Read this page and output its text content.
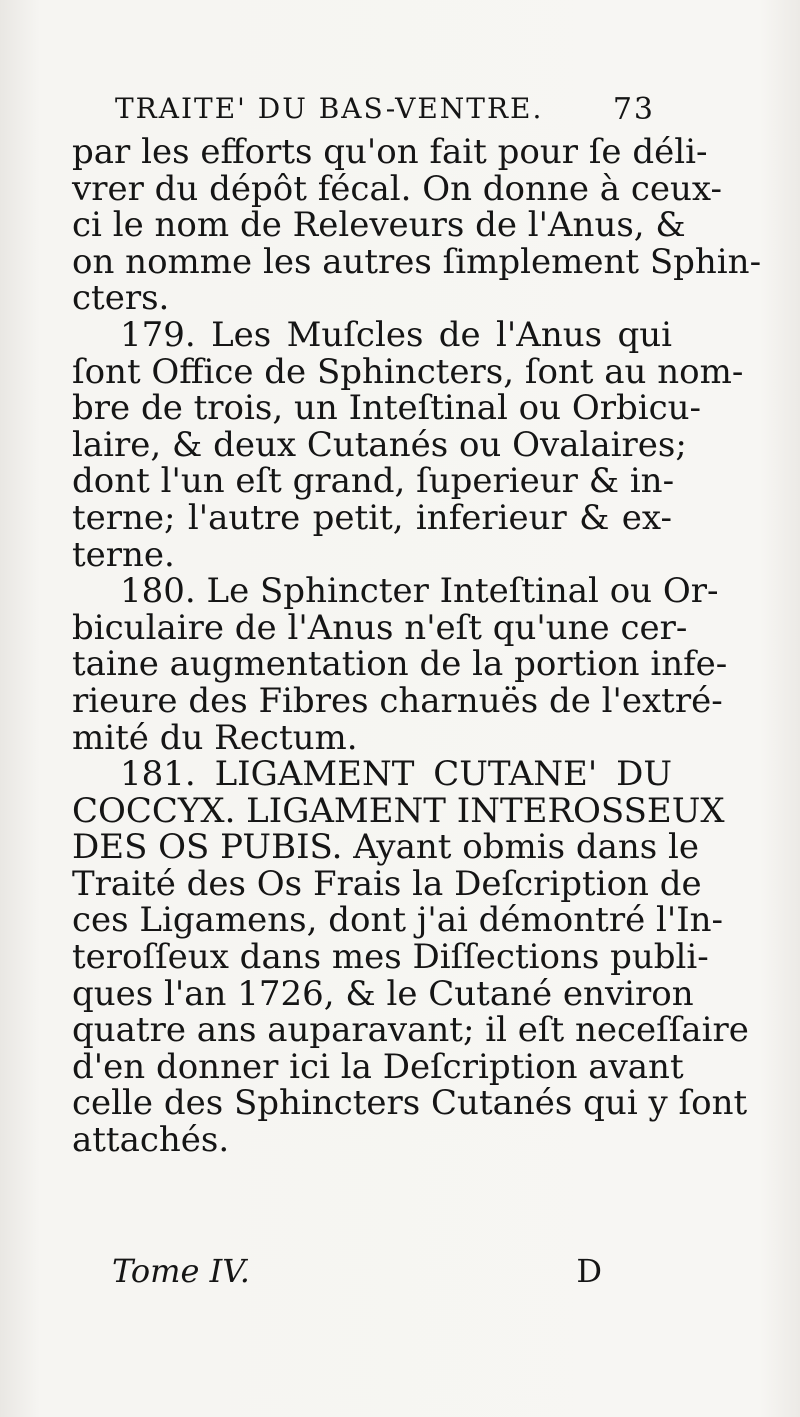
TRAITE' DU BAS-VENTRE. 73
par les efforts qu'on fait pour ſe déli-
vrer du dépôt fécal. On donne à ceux-
ci le nom de Releveurs de l'Anus, &
on nomme les autres ſimplement Sphin-
cters.
179. Les Muſcles de l'Anus qui
ſont Office de Sphincters, ſont au nom-
bre de trois, un Inteſtinal ou Orbicu-
laire, & deux Cutanés ou Ovalaires;
dont l'un eſt grand, ſuperieur & in-
terne; l'autre petit, inferieur & ex-
terne.
180. Le Sphincter Inteſtinal ou Or-
biculaire de l'Anus n'eſt qu'une cer-
taine augmentation de la portion infe-
rieure des Fibres charnuës de l'extré-
mité du Rectum.
181. LIGAMENT CUTANE' DU
COCCYX. LIGAMENT INTEROSSEUX
DES OS PUBIS. Ayant obmis dans le
Traité des Os Frais la Deſcription de
ces Ligamens, dont j'ai démontré l'In-
teroſſeux dans mes Diſſections publi-
ques l'an 1726, & le Cutané environ
quatre ans auparavant; il eſt neceſſaire
d'en donner ici la Deſcription avant
celle des Sphincters Cutanés qui y ſont
attachés.
Tome IV.	D
